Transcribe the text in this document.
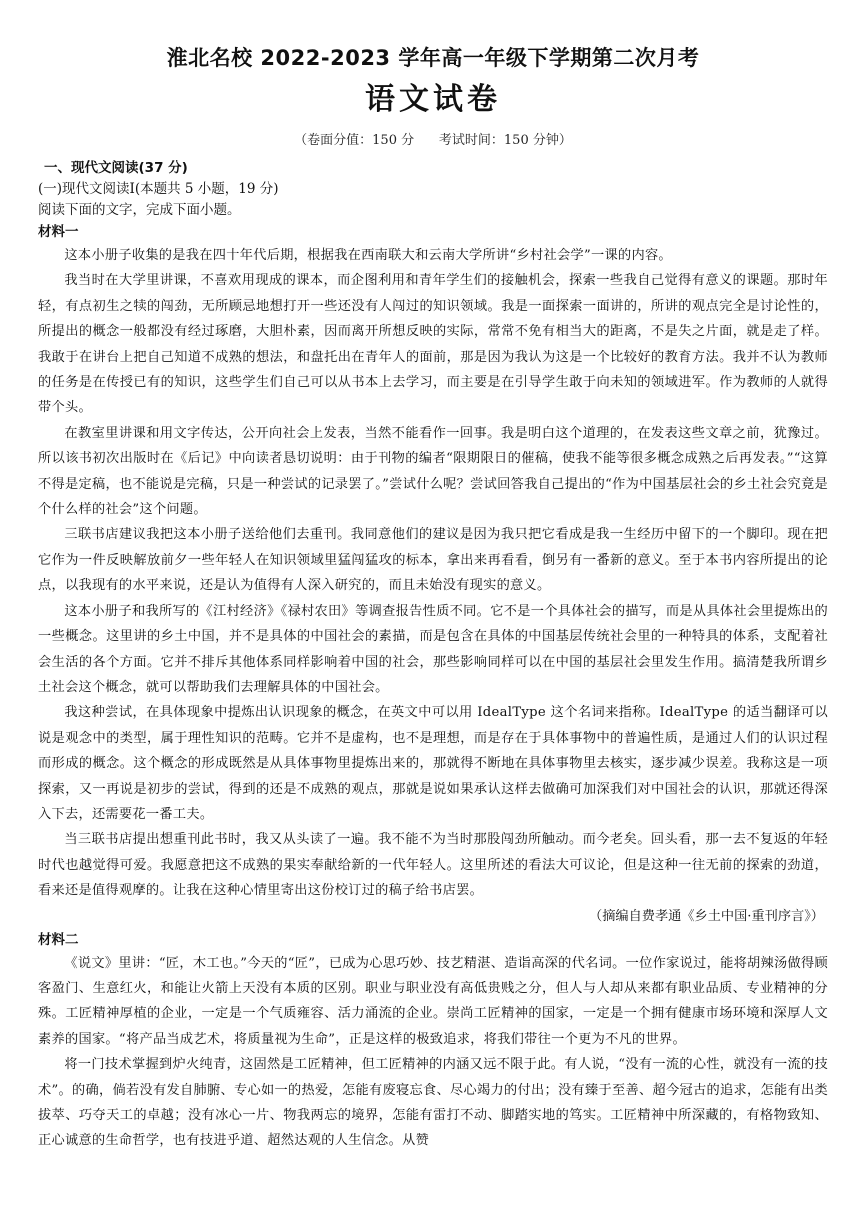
淮北名校 2022-2023 学年高一年级下学期第二次月考
语文试卷
（卷面分值：150 分      考试时间：150 分钟）
一、现代文阅读(37 分)
(一)现代文阅读Ⅰ(本题共 5 小题，19 分)
阅读下面的文字，完成下面小题。
材料一

这本小册子收集的是我在四十年代后期，根据我在西南联大和云南大学所讲“乡村社会学”一课的内容。

我当时在大学里讲课，不喜欢用现成的课本，而企图利用和青年学生们的接触机会，探索一些我自己觉得有意义的课题。那时年轻，有点初生之犊的闯劲，无所顾忌地想打开一些还没有人闯过的知识领域。我是一面探索一面讲的，所讲的观点完全是讨论性的，所提出的概念一般都没有经过琢磨，大胆朴素，因而离开所想反映的实际，常常不免有相当大的距离，不是失之片面，就是走了样。我敢于在讲台上把自己知道不成熟的想法，和盘托出在青年人的面前，那是因为我认为这是一个比较好的教育方法。我并不认为教师的任务是在传授已有的知识，这些学生们自己可以从书本上去学习，而主要是在引导学生敢于向未知的领域进军。作为教师的人就得带个头。

在教室里讲课和用文字传达，公开向社会上发表，当然不能看作一回事。我是明白这个道理的，在发表这些文章之前，犹豫过。所以该书初次出版时在《后记》中向读者恳切说明：由于刊物的编者“限期限日的催稿，使我不能等很多概念成熟之后再发表。”“这算不得是定稿，也不能说是完稿，只是一种尝试的记录罢了。”尝试什么呢？尝试回答我自己提出的“作为中国基层社会的乡土社会究竟是个什么样的社会”这个问题。

三联书店建议我把这本小册子送给他们去重刊。我同意他们的建议是因为我只把它看成是我一生经历中留下的一个脚印。现在把它作为一件反映解放前夕一些年轻人在知识领域里猛闯猛攻的标本，拿出来再看看，倒另有一番新的意义。至于本书内容所提出的论点，以我现有的水平来说，还是认为值得有人深入研究的，而且未始没有现实的意义。

这本小册子和我所写的《江村经济》《禄村农田》等调查报告性质不同。它不是一个具体社会的描写，而是从具体社会里提炼出的一些概念。这里讲的乡土中国，并不是具体的中国社会的素描，而是包含在具体的中国基层传统社会里的一种特具的体系，支配着社会生活的各个方面。它并不排斥其他体系同样影响着中国的社会，那些影响同样可以在中国的基层社会里发生作用。搞清楚我所谓乡土社会这个概念，就可以帮助我们去理解具体的中国社会。

我这种尝试，在具体现象中提炼出认识现象的概念，在英文中可以用 IdealType 这个名词来指称。IdealType 的适当翻译可以说是观念中的类型，属于理性知识的范畴。它并不是虚构，也不是理想，而是存在于具体事物中的普遍性质，是通过人们的认识过程而形成的概念。这个概念的形成既然是从具体事物里提炼出来的，那就得不断地在具体事物里去核实，逐步减少误差。我称这是一项探索，又一再说是初步的尝试，得到的还是不成熟的观点，那就是说如果承认这样去做确可加深我们对中国社会的认识，那就还得深入下去，还需要花一番工夫。

当三联书店提出想重刊此书时，我又从头读了一遍。我不能不为当时那股闯劲所触动。而今老矣。回头看，那一去不复返的年轻时代也越觉得可爱。我愿意把这不成熟的果实奉献给新的一代年轻人。这里所述的看法大可议论，但是这种一往无前的探索的劲道，看来还是值得观摩的。让我在这种心情里寄出这份校订过的稿子给书店罢。

（摘编自费孝通《乡土中国·重刊序言》）
材料二

《说文》里讲：“匠，木工也。”今天的“匠”，已成为心思巧妙、技艺精湛、造诣高深的代名词。一位作家说过，能将胡辣汤做得顾客盈门、生意红火，和能让火箭上天没有本质的区别。职业与职业没有高低贵贱之分，但人与人却从来都有职业品质、专业精神的分殊。工匠精神厚植的企业，一定是一个气质雍容、活力涌流的企业。崇尚工匠精神的国家，一定是一个拥有健康市场环境和深厚人文素养的国家。“将产品当成艺术，将质量视为生命”，正是这样的极致追求，将我们带往一个更为不凡的世界。

将一门技术掌握到炉火纯青，这固然是工匠精神，但工匠精神的内涵又远不限于此。有人说，“没有一流的心性，就没有一流的技术”。的确，倘若没有发自肺腑、专心如一的热爱，怎能有废寝忘食、尽心竭力的付出；没有臻于至善、超今冠古的追求，怎能有出类拔萃、巧夺天工的卓越；没有冰心一片、物我两忘的境界，怎能有雷打不动、脚踏实地的笃实。工匠精神中所深藏的，有格物致知、正心诚意的生命哲学，也有技进乎道、超然达观的人生信念。从赞
